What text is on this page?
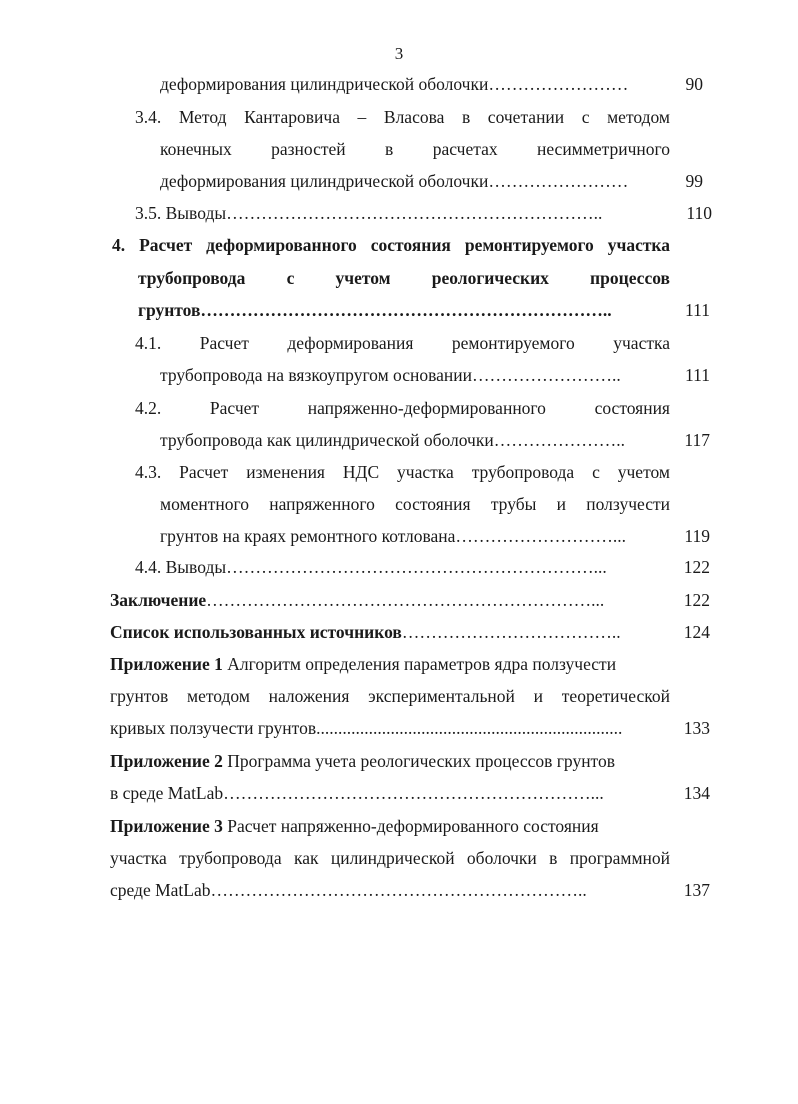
3
деформирования цилиндрической оболочки……………………	90
3.4. Метод Кантаровича – Власова в сочетании с методом
конечных разностей в расчетах несимметричного
деформирования цилиндрической оболочки……………………	99
3.5. Выводы………………………………………………………..	110
4. Расчет деформированного состояния ремонтируемого участка
трубопровода с учетом реологических процессов
грунтов……………………………………………………………..	111
4.1. Расчет деформирования ремонтируемого участка
трубопровода на вязкоупругом основании……………………..	111
4.2. Расчет напряженно-деформированного состояния
трубопровода как цилиндрической оболочки…………………..	117
4.3. Расчет изменения НДС участка трубопровода с учетом
моментного напряженного состояния трубы и ползучести
грунтов на краях ремонтного котлована………………………...	119
4.4. Выводы………………………………………………………...	122
Заключение…………………………………………………………...	122
Список использованных источников………………………………..	124
Приложение 1 Алгоритм определения параметров ядра ползучести
грунтов методом наложения экспериментальной и теоретической
кривых ползучести грунтов......................................................................	133
Приложение 2 Программа учета реологических процессов грунтов
в среде MatLab………………………………………………………...	134
Приложение 3 Расчет напряженно-деформированного состояния
участка трубопровода как цилиндрической оболочки в программной
среде MatLab………………………………………………………..	137
